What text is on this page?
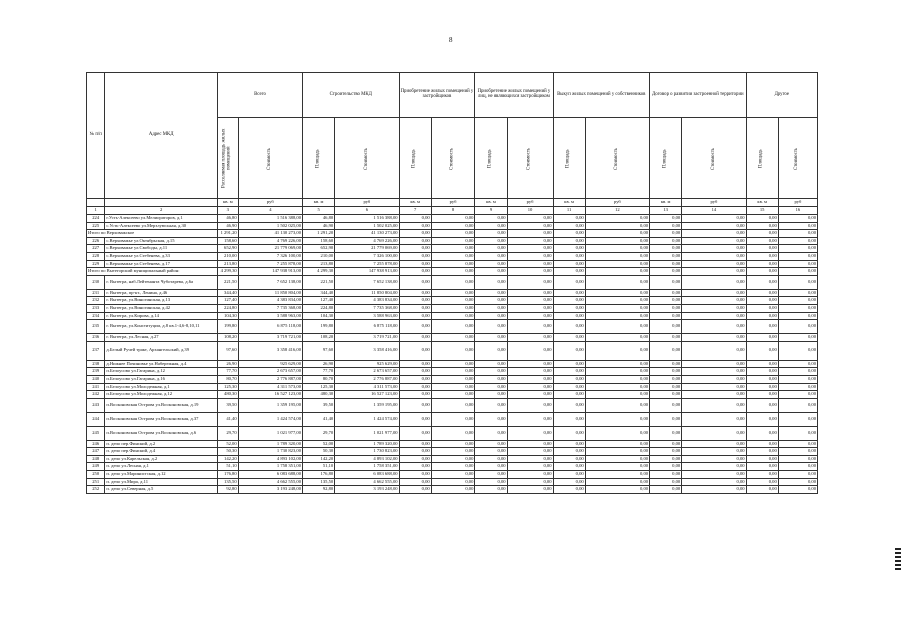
8
№ п/п	Адрес МКД	Всего		Строительство МКД		Приобретение жилых помещений у застройщиков		Приобретение жилых помещений у лиц, не являющихся застройщиком		Выкуп жилых помещений у собственников		Договор о развитии застроенной территории		Другое	
		Расселяемая площадь жилых помещений	Стоимость	Площадь	Стоимость	Площадь	Стоимость	Площадь	Стоимость	Площадь	Стоимость	Площадь	Стоимость	Площадь	Стоимость
		кв. м	руб	кв. м	руб	кв. м	руб	кв. м	руб	кв. м	руб	кв. м	руб	кв. м	руб
1	2	3	4	5	6	7	8	9	10	11	12	13	14	15	16
224	г.Усть-Алексеево ул.Мелиораторов, д.1	46,80	1 516 388,00	46,80	1 516 388,00	0,00	0,00	0,00	0,00	0,00	0,00	0,00	0,00	0,00	0,00
225	с.Усть-Алексеево ул.Мерзлуюськая, д.30	46,90	1 502 025,00	46,90	1 502 025,00	0,00	0,00	0,00	0,00	0,00	0,00	0,00	0,00	0,00	0,00
Итого по Верховажское		1 291,20	41 130 273,00	1 291,20	41 130 273,00	0,00	0,00	0,00	0,00	0,00	0,00	0,00	0,00	0,00	0,00
226	с.Верховажье ул.Октябрьская, д.15	158,60	4 769 226,00	158,60	4 769 226,00	0,00	0,00	0,00	0,00	0,00	0,00	0,00	0,00	0,00	0,00
227	с.Верховажье ул.Свободы, д.11	652,90	21 779 069,00	652,90	21 779 069,00	0,00	0,00	0,00	0,00	0,00	0,00	0,00	0,00	0,00	0,00
228	с.Верховажье ул.Стебенева, д.33	210,00	7 326 100,00	210,00	7 326 100,00	0,00	0,00	0,00	0,00	0,00	0,00	0,00	0,00	0,00	0,00
229	с.Верховажье ул.Стебенева, д.17	213,80	7 255 878,00	213,80	7 255 878,00	0,00	0,00	0,00	0,00	0,00	0,00	0,00	0,00	0,00	0,00
Итого по Вытегорский муниципальный район:		4 299,30	147 938 913,00	4 299,30	147 938 913,00	0,00	0,00	0,00	0,00	0,00	0,00	0,00	0,00	0,00	0,00
230	г. Вытегра, наб.Лейтенанта Чуботарева, д.6а	221,50	7 652 138,00	221,50	7 652 138,00	0,00	0,00	0,00	0,00	0,00	0,00	0,00	0,00	0,00	0,00
231	г. Вытегра, пр-кт., Ленина, д.46	344,40	11 850 804,00	344,40	11 850 804,00	0,00	0,00	0,00	0,00	0,00	0,00	0,00	0,00	0,00	0,00
232	г. Вытегра, ул.Виногинская, д.13	127,40	4 383 834,00	127,40	4 383 834,00	0,00	0,00	0,00	0,00	0,00	0,00	0,00	0,00	0,00	0,00
233	г. Вытегра, ул.Виногинская, д.42	224,80	7 735 368,00	224,80	7 735 368,00	0,00	0,00	0,00	0,00	0,00	0,00	0,00	0,00	0,00	0,00
234	г. Вытегра, ул.Кирова, д.14	104,30	3 588 963,00	104,30	3 588 963,00	0,00	0,00	0,00	0,00	0,00	0,00	0,00	0,00	0,00	0,00
235	г. Вытегра, ул.Конституции, д.8 кв.1-4,6-8,10,11	199,80	6 875 118,00	199,80	6 875 118,00	0,00	0,00	0,00	0,00	0,00	0,00	0,00	0,00	0,00	0,00
236	г. Вытегра, ул.Лесная, д.27	108,20	3 719 721,00	108,20	3 719 721,00	0,00	0,00	0,00	0,00	0,00	0,00	0,00	0,00	0,00	0,00
237	д.Белый Ручей тракт, Архангельский, д.39	97,60	3 358 416,00	97,60	3 358 416,00	0,00	0,00	0,00	0,00	0,00	0,00	0,00	0,00	0,00	0,00
238	д.Нижнее Починовье ул.Набережная, д.4	26,90	925 629,00	26,90	925 629,00	0,00	0,00	0,00	0,00	0,00	0,00	0,00	0,00	0,00	0,00
239	п.Белоусово ул.Гагарина, д.12	77,70	2 673 657,00	77,70	2 673 657,00	0,00	0,00	0,00	0,00	0,00	0,00	0,00	0,00	0,00	0,00
240	п.Белоусово ул.Гагарина, д.16	80,70	2 776 887,00	80,70	2 776 887,00	0,00	0,00	0,00	0,00	0,00	0,00	0,00	0,00	0,00	0,00
241	п.Белоусово ул.Молодежная, д.1	125,30	4 311 573,00	125,30	4 311 573,00	0,00	0,00	0,00	0,00	0,00	0,00	0,00	0,00	0,00	0,00
242	п.Белоусово ул.Молодежная, д.12	480,30	16 527 123,00	480,30	16 527 123,00	0,00	0,00	0,00	0,00	0,00	0,00	0,00	0,00	0,00	0,00
243	п.Восконовская Острова ул.Восконовская, д.19	39,50	1 359 195,00	39,50	1 359 195,00	0,00	0,00	0,00	0,00	0,00	0,00	0,00	0,00	0,00	0,00
244	п.Восконовская Острова ул.Восконовская, д.37	41,40	1 424 574,00	41,40	1 424 574,00	0,00	0,00	0,00	0,00	0,00	0,00	0,00	0,00	0,00	0,00
245	п.Восконовская Острова ул.Восконовская, д.6	29,70	1 021 977,00	29,70	1 021 977,00	0,00	0,00	0,00	0,00	0,00	0,00	0,00	0,00	0,00	0,00
246	п. депо пер.Финский, д.2	52,00	1 789 320,00	52,00	1 789 320,00	0,00	0,00	0,00	0,00	0,00	0,00	0,00	0,00	0,00	0,00
247	п. депо пер.Финский, д.4	50,30	1 730 823,00	50,30	1 730 823,00	0,00	0,00	0,00	0,00	0,00	0,00	0,00	0,00	0,00	0,00
248	п. депо ул.Карельская, д.2	142,20	4 893 102,00	142,20	4 893 102,00	0,00	0,00	0,00	0,00	0,00	0,00	0,00	0,00	0,00	0,00
249	п. депо ул.Лесная, д.1	51,10	1 758 351,00	51,10	1 758 351,00	0,00	0,00	0,00	0,00	0,00	0,00	0,00	0,00	0,00	0,00
250	п. депо ул.Маринистская, д.12	176,80	6 083 688,00	176,80	6 083 688,00	0,00	0,00	0,00	0,00	0,00	0,00	0,00	0,00	0,00	0,00
251	п. депо ул.Мира, д.11	135,50	4 662 555,00	135,50	4 662 555,00	0,00	0,00	0,00	0,00	0,00	0,00	0,00	0,00	0,00	0,00
252	п. депо ул.Северная, д.5	92,80	3 193 248,00	92,80	3 193 248,00	0,00	0,00	0,00	0,00	0,00	0,00	0,00	0,00	0,00	0,00
